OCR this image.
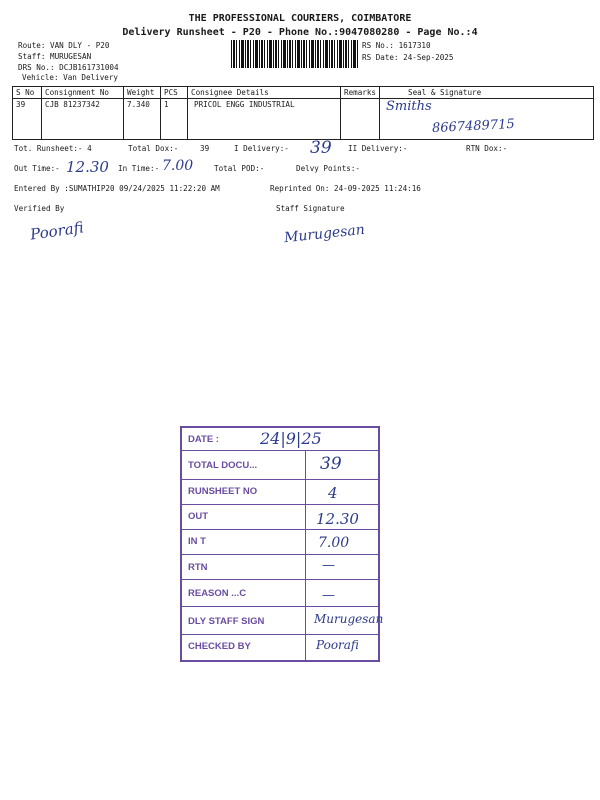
THE PROFESSIONAL COURIERS, COIMBATORE
Delivery Runsheet - P20 - Phone No.:9047080280 - Page No.:4
Route: VAN DLY - P20
Staff: MURUGESAN
DRS No.: DCJB161731004
Vehicle: Van Delivery
RS No.: 1617310
RS Date: 24-Sep-2025
S No	Consignment No	Weight	PCS	Consignee Details	Remarks	Seal & Signature
39	CJB 81237342	7.340	1	PRICOL ENGG INDUSTRIAL		Smiths
8667489715
Tot. Runsheet:- 4	Total Dox:-	39	I Delivery:- 39 II Delivery:-	RTN Dox:-
Out Time:- 12.30 In Time:- 7.00	Total POD:-	Delvy Points:-
Entered By :SUMATHIP20 09/24/2025 11:22:20 AM	Reprinted On: 24-09-2025 11:24:16
Verified By	Staff Signature
Poorafi	Murugesan
DATE :	24|9|25
TOTAL DOCU...	39
RUNSHEET NO	4
OUT	12.30
IN T	7.00
RTN	—
REASON ...C	—
DLY STAFF SIGN	Murugesan
CHECKED BY	Poorafi
